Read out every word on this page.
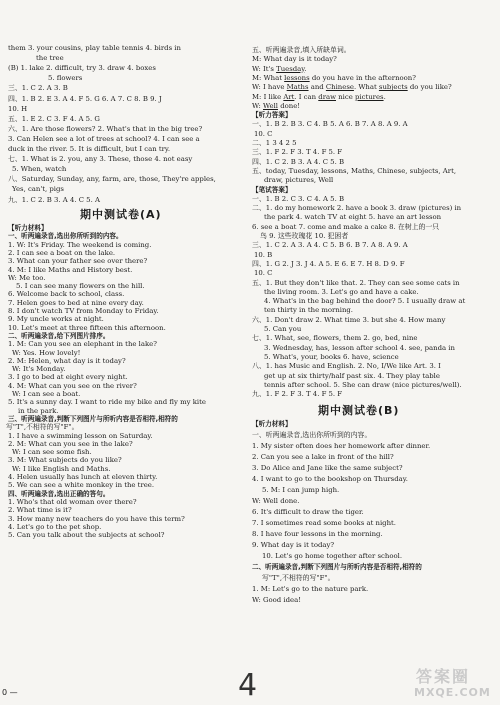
them 3. your cousins, play table tennis 4. birds in
the tree
(B) 1. lake 2. difficult, try 3. draw 4. boxes
5. flowers
三、1. C 2. A 3. B
四、1. B 2. E 3. A 4. F 5. G 6. A 7. C 8. B 9. J
10. H
五、1. E 2. C 3. F 4. A 5. G
六、1. Are those flowers? 2. What's that in the big tree?
3. Can Helen see a lot of trees at school? 4. I can see a
duck in the river. 5. It is difficult, but I can try.
七、1. What is 2. you, any 3. These, those 4. not easy
5. When, watch
八、Saturday, Sunday, any, farm, are, those, They're apples,
Yes, can't, pigs
九、1. C 2. B 3. A 4. C 5. A
期中测试卷(A)
【听力材料】
一、听两遍录音,选出你所听到的内容。
1. W: It's Friday. The weekend is coming.
2. I can see a boat on the lake.
3. What can your father see over there?
4. M: I like Maths and History best.
W: Me too.
5. I can see many flowers on the hill.
6. Welcome back to school, class.
7. Helen goes to bed at nine every day.
8. I don't watch TV from Monday to Friday.
9. My uncle works at night.
10. Let's meet at three fifteen this afternoon.
二、听两遍录音,给下列图片排序。
1. M: Can you see an elephant in the lake?
W: Yes. How lovely!
2. M: Helen, what day is it today?
W: It's Monday.
3. I go to bed at eight every night.
4. M: What can you see on the river?
W: I can see a boat.
5. It's a sunny day. I want to ride my bike and fly my kite
in the park.
三、听两遍录音,判断下列图片与所听内容是否相符,相符的
写"T",不相符的写"F"。
1. I have a swimming lesson on Saturday.
2. M: What can you see in the lake?
W: I can see some fish.
3. M: What subjects do you like?
W: I like English and Maths.
4. Helen usually has lunch at eleven thirty.
5. We can see a white monkey in the tree.
四、听两遍录音,选出正确的答句。
1. Who's that old woman over there?
2. What time is it?
3. How many new teachers do you have this term?
4. Let's go to the pet shop.
5. Can you talk about the subjects at school?
五、听两遍录音,填入所缺单词。
M: What day is it today?
W: It's Tuesday.
M: What lessons do you have in the afternoon?
W: I have Maths and Chinese. What subjects do you like?
M: I like Art. I can draw nice pictures.
W: Well done!
【听力答案】
一、1. B 2. B 3. C 4. B 5. A 6. B 7. A 8. A 9. A
10. C
二、1 3 4 2 5
三、1. F 2. F 3. T 4. F 5. F
四、1. C 2. B 3. A 4. C 5. B
五、today, Tuesday, lessons, Maths, Chinese, subjects, Art,
draw, pictures, Well
【笔试答案】
一、1. B 2. C 3. C 4. A 5. B
二、1. do my homework 2. have a book 3. draw (pictures) in
the park 4. watch TV at eight 5. have an art lesson
6. see a boat 7. come and make a cake 8. 在树上的一只
鸟 9. 这些玫瑰花 10. 犯困者
三、1. C 2. A 3. A 4. C 5. B 6. B 7. A 8. A 9. A
10. B
四、1. G 2. J 3. J 4. A 5. E 6. E 7. H 8. D 9. F
10. C
五、1. But they don't like that. 2. They can see some cats in
the living room. 3. Let's go and have a cake.
4. What's in the bag behind the door? 5. I usually draw at
ten thirty in the morning.
六、1. Don't draw 2. What time 3. but she 4. How many
5. Can you
七、1. What, see, flowers, them 2. go, bed, nine
3. Wednesday, has, lesson after school 4. see, panda in
5. What's, your, books 6. have, science
八、1. has Music and English. 2. No, I/We like Art. 3. I
get up at six thirty/half past six. 4. They play table
tennis after school. 5. She can draw (nice pictures/well).
九、1. F 2. F 3. T 4. F 5. F
期中测试卷(B)
【听力材料】
一、听两遍录音,选出你所听到的内容。
1. My sister often does her homework after dinner.
2. Can you see a lake in front of the hill?
3. Do Alice and Jane like the same subject?
4. I want to go to the bookshop on Thursday.
5. M: I can jump high.
W: Well done.
6. It's difficult to draw the tiger.
7. I sometimes read some books at night.
8. I have four lessons in the morning.
9. What day is it today?
10. Let's go home together after school.
二、听两遍录音,判断下列图片与所听内容是否相符,相符的
写"T",不相符的写"F"。
1. M: Let's go to the nature park.
W: Good idea!
0 —	4	答案圈
MXQE.COM
